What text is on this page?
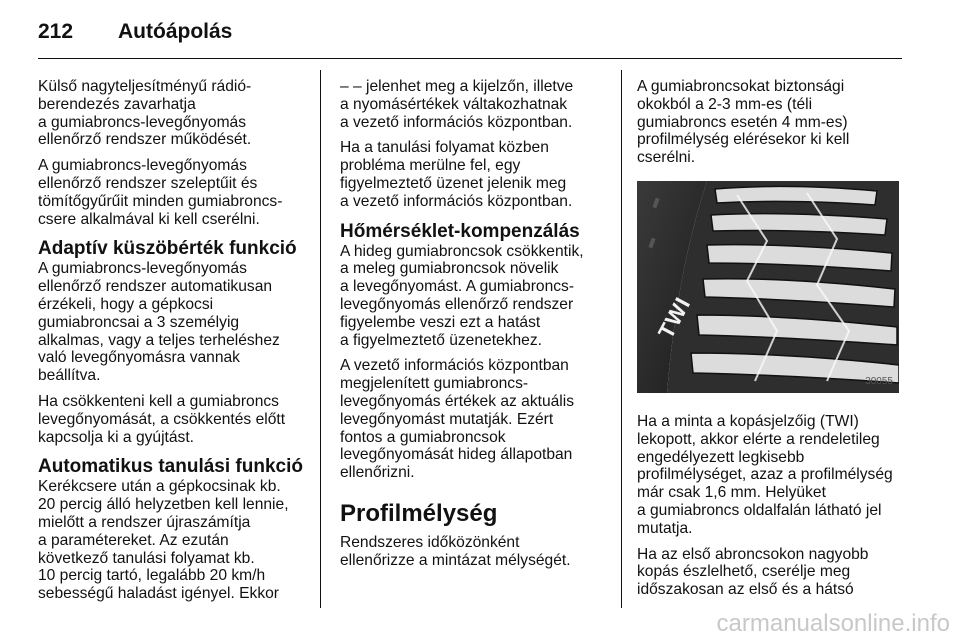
212 Autóápolás

Külső nagyteljesítményű rádió-
berendezés zavarhatja
a gumiabroncs-levegőnyomás
ellenőrző rendszer működését.

A gumiabroncs-levegőnyomás
ellenőrző rendszer szeleptűit és
tömítőgyűrűit minden gumiabroncs-
csere alkalmával ki kell cserélni.

Adaptív küszöbérték funkció

A gumiabroncs-levegőnyomás
ellenőrző rendszer automatikusan
érzékeli, hogy a gépkocsi
gumiabroncsai a 3 személyig
alkalmas, vagy a teljes terheléshez
való levegőnyomásra vannak
beállítva.

Ha csökkenteni kell a gumiabroncs
levegőnyomását, a csökkentés előtt
kapcsolja ki a gyújtást.

Automatikus tanulási funkció

Kerékcsere után a gépkocsinak kb.
20 percig álló helyzetben kell lennie,
mielőtt a rendszer újraszámítja
a paramétereket. Az ezután
következő tanulási folyamat kb.
10 percig tartó, legalább 20 km/h
sebességű haladást igényel. Ekkor

– – jelenhet meg a kijelzőn, illetve
a nyomásértékek váltakozhatnak
a vezető információs központban.

Ha a tanulási folyamat közben
probléma merülne fel, egy
figyelmeztető üzenet jelenik meg
a vezető információs központban.

Hőmérséklet-kompenzálás

A hideg gumiabroncsok csökkentik,
a meleg gumiabroncsok növelik
a levegőnyomást. A gumiabroncs-
levegőnyomás ellenőrző rendszer
figyelembe veszi ezt a hatást
a figyelmeztető üzenetekhez.

A vezető információs központban
megjelenített gumiabroncs-
levegőnyomás értékek az aktuális
levegőnyomást mutatják. Ezért
fontos a gumiabroncsok
levegőnyomását hideg állapotban
ellenőrizni.

Profilmélység

Rendszeres időközönként
ellenőrizze a mintázat mélységét.

A gumiabroncsokat biztonsági
okokból a 2-3 mm-es (téli
gumiabroncs esetén 4 mm-es)
profilmélység elérésekor ki kell
cserélni.

TWI
30055

Ha a minta a kopásjelzőig (TWI)
lekopott, akkor elérte a rendeletileg
engedélyezett legkisebb
profilmélységet, azaz a profilmélység
már csak 1,6 mm. Helyüket
a gumiabroncs oldalfalán látható jel
mutatja.

Ha az első abroncsokon nagyobb
kopás észlelhető, cserélje meg
időszakosan az első és a hátsó

carmanualsonline.info
